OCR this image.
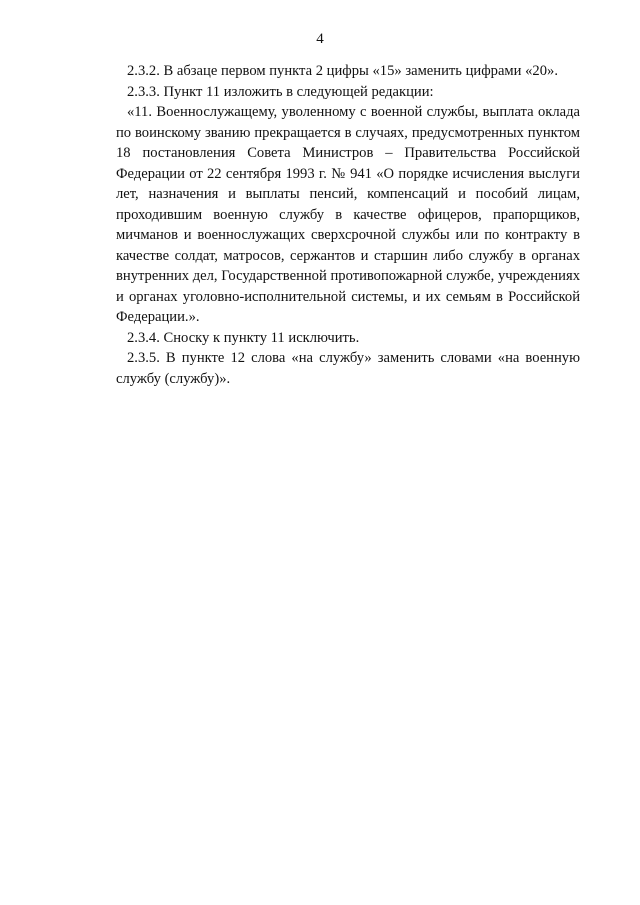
4

2.3.2. В абзаце первом пункта 2 цифры «15» заменить цифрами «20».

2.3.3. Пункт 11 изложить в следующей редакции:

«11. Военнослужащему, уволенному с военной службы, выплата оклада по воинскому званию прекращается в случаях, предусмотренных пунктом 18 постановления Совета Министров – Правительства Российской Федерации от 22 сентября 1993 г. № 941 «О порядке исчисления выслуги лет, назначения и выплаты пенсий, компенсаций и пособий лицам, проходившим военную службу в качестве офицеров, прапорщиков, мичманов и военнослужащих сверхсрочной службы или по контракту в качестве солдат, матросов, сержантов и старшин либо службу в органах внутренних дел, Государственной противопожарной службе, учреждениях и органах уголовно-исполнительной системы, и их семьям в Российской Федерации.».

2.3.4. Сноску к пункту 11 исключить.

2.3.5. В пункте 12 слова «на службу» заменить словами «на военную службу (службу)».
